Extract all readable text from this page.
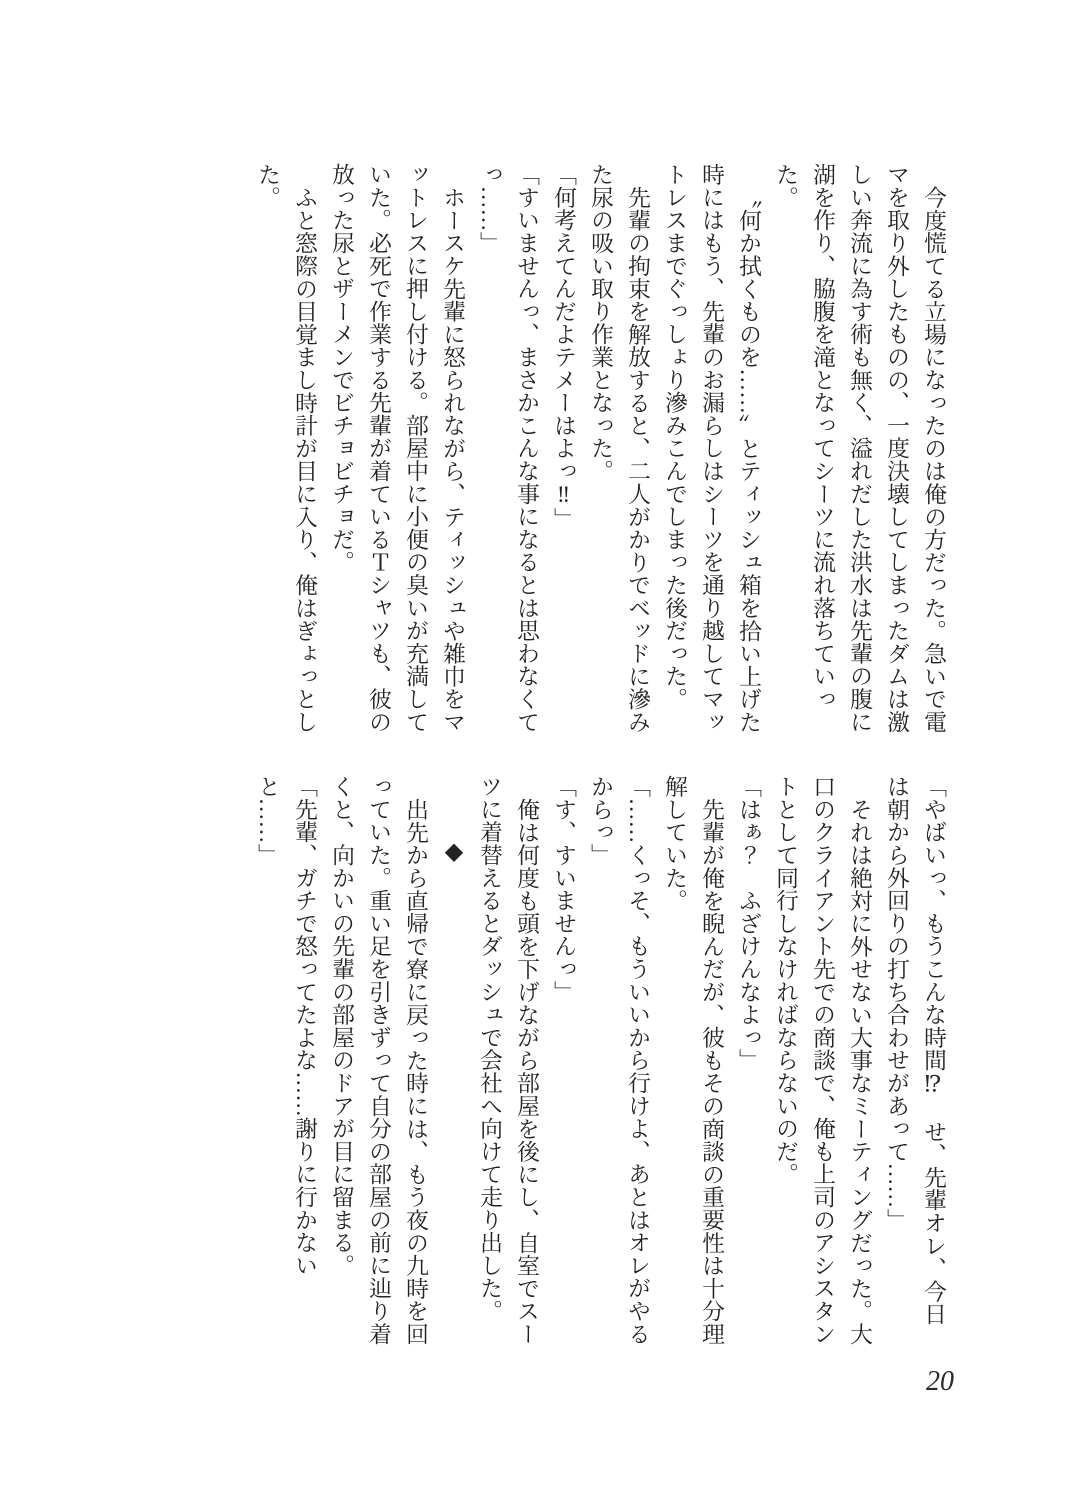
今度慌てる立場になったのは俺の方だった。急いで電マを取り外したものの、一度決壊してしまったダムは激しい奔流に為す術も無く、溢れだした洪水は先輩の腹に湖を作り、脇腹を滝となってシーツに流れ落ちていった。

〝何か拭くものを……〟とティッシュ箱を拾い上げた時にはもう、先輩のお漏らしはシーツを通り越してマットレスまでぐっしょり滲みこんでしまった後だった。

先輩の拘束を解放すると、二人がかりでベッドに滲みた尿の吸い取り作業となった。

「何考えてんだよテメーはよっ‼」

「すいませんっ、まさかこんな事になるとは思わなくてっ……」

ホースケ先輩に怒られながら、ティッシュや雑巾をマットレスに押し付ける。部屋中に小便の臭いが充満していた。必死で作業する先輩が着ているＴシャツも、彼の放った尿とザーメンでビチョビチョだ。

ふと窓際の目覚まし時計が目に入り、俺はぎょっとした。

「やばいっ、もうこんな時間⁉　せ、先輩オレ、今日は朝から外回りの打ち合わせがあって……」

それは絶対に外せない大事なミーティングだった。大口のクライアント先での商談で、俺も上司のアシスタントとして同行しなければならないのだ。

「はぁ？　ふざけんなよっ」

先輩が俺を睨んだが、彼もその商談の重要性は十分理解していた。

「……くっそ、もういいから行けよ、あとはオレがやるからっ」

「す、すいませんっ」

俺は何度も頭を下げながら部屋を後にし、自室でスーツに着替えるとダッシュで会社へ向けて走り出した。

◆

出先から直帰で寮に戻った時には、もう夜の九時を回っていた。重い足を引きずって自分の部屋の前に辿り着くと、向かいの先輩の部屋のドアが目に留まる。

「先輩、ガチで怒ってたよな……謝りに行かないと……」

20
